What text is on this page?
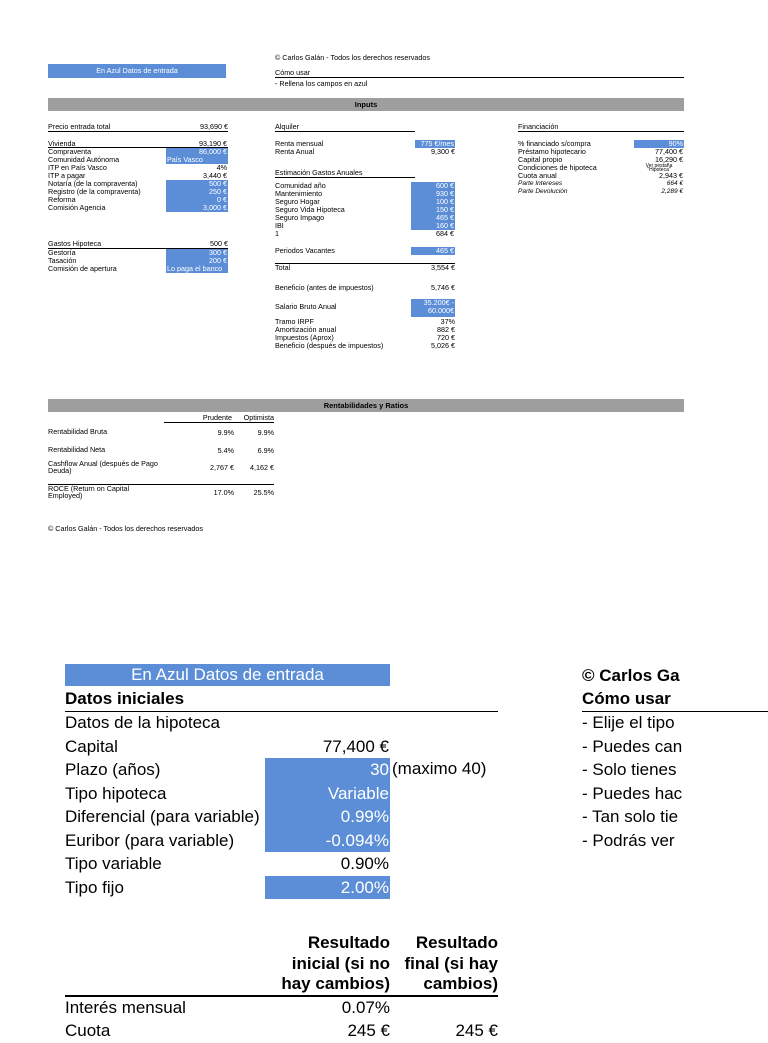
En Azul Datos de entrada
© Carlos Galán - Todos los derechos reservados
Cómo usar
- Rellena los campos en azul
Inputs
Precio entrada total	93,690 €
Vivienda	93,190 €
Compraventa	86,000 €
Comunidad Autónoma	País Vasco
ITP en País Vasco	4%
ITP a pagar	3,440 €
Notaría (de la compraventa)	500 €
Registro (de la compraventa)	250 €
Reforma	0 €
Comisión Agencia	3,000 €
Gastos Hipoteca	500 €
Gestoría	300 €
Tasación	200 €
Comisión de apertura	Lo paga el banco
Alquiler
Renta mensual	775 €/mes
Renta Anual	9,300 €
Estimación Gastos Anuales
Comunidad año	600 €
Mantenimiento	930 €
Seguro Hogar	100 €
Seguro Vida Hipoteca	150 €
Seguro Impago	465 €
IBI	160 €
1	684 €
Periodos Vacantes	465 €
Total	3,554 €
Beneficio (antes de impuestos)	5,746 €
Salario Bruto Anual	35.200€ -
60.000€
Tramo IRPF	37%
Amortización anual	882 €
Impuestos (Aprox)	720 €
Beneficio (después de impuestos)	5,026 €
Financiación
% financiado s/compra	90%
Préstamo hipotecario	77,400 €
Capital propio	16,290 €
Condiciones de hipoteca	Ver pestaña "Hipoteca"
Cuota anual	2,943 €
Parte Intereses	664 €
Parte Devolución	2,289 €
Rentabilidades y Ratios
Prudente	Optimista
Rentabilidad Bruta	9.9%	9.9%
Rentabilidad Neta	5.4%	6.9%
Cashflow Anual (después de Pago Deuda)	2,767 €	4,162 €
ROCE (Return on Capital Employed)	17.0%	25.5%
© Carlos Galán - Todos los derechos reservados
En Azul Datos de entrada
Datos iniciales
Datos de la hipoteca
Capital	77,400 €
Plazo (años)	30
Tipo hipoteca	Variable
Diferencial (para variable)	0.99%
Euribor (para variable)	-0.094%
Tipo variable	0.90%
Tipo fijo	2.00%
(maximo 40)
© Carlos Ga
Cómo usar
- Elije el tipo
- Puedes can
- Solo tienes
- Puedes hac
- Tan solo tie
- Podrás ver
Resultado
inicial (si no
hay cambios)
Resultado
final (si hay
cambios)
Interés mensual	0.07%
Cuota	245 €	245 €
